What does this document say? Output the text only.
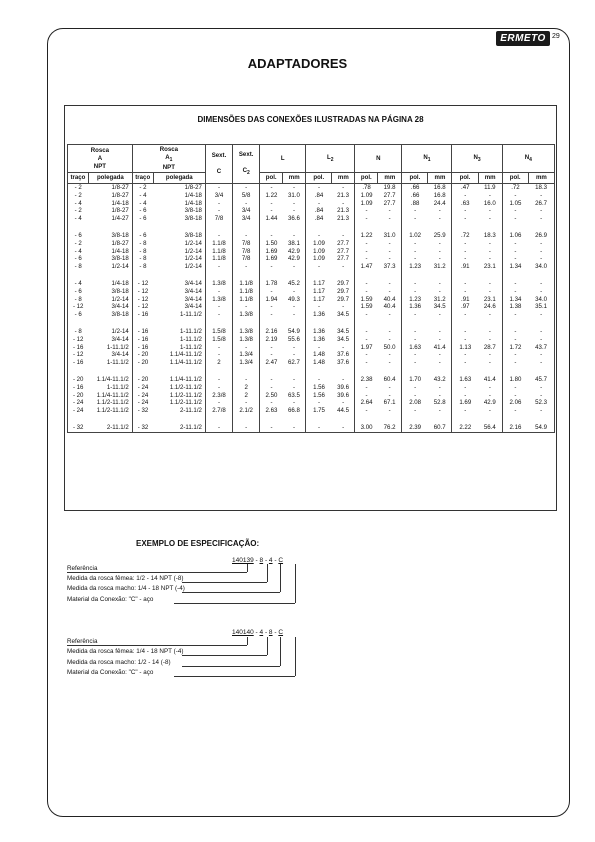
ERMETO 29
ADAPTADORES
DIMENSÕES DAS CONEXÕES ILUSTRADAS NA PÁGINA 28
Rosca
A
NPT		Rosca
$A_1$
NPT		Sext.

C	Sext.

$C_2$	L		$L_2$		N		$N_1$		$N_3$		$N_4$
traço	polegada	traço	polegada			pol.	mm	pol.	mm	pol.	mm	pol.	mm	pol.	mm	pol.	mm
- 2	1/8-27	- 2	1/8-27	-	-	-	-	-	-	.78	19.8	.66	16.8	.47	11.9	.72	18.3
- 2	1/8-27	- 4	1/4-18	3/4	5/8	1.22	31.0	.84	21.3	1.09	27.7	.66	16.8	-	-	-	-
- 4	1/4-18	- 4	1/4-18	-	-	-	-	-	-	1.09	27.7	.88	24.4	.63	16.0	1.05	26.7
- 2	1/8-27	- 6	3/8-18	-	3/4	-	-	.84	21.3	-	-	-	-	-	-	-	-
- 4	1/4-27	- 6	3/8-18	7/8	3/4	1.44	36.6	.84	21.3	-	-	-	-	-	-	-	-

- 6	3/8-18	- 6	3/8-18	-	-	-	-	-	-	1.22	31.0	1.02	25.9	.72	18.3	1.06	26.9
- 2	1/8-27	- 8	1/2-14	1.1/8	7/8	1.50	38.1	1.09	27.7	-	-	-	-	-	-	-	-
- 4	1/4-18	- 8	1/2-14	1.1/8	7/8	1.69	42.9	1.09	27.7	-	-	-	-	-	-	-	-
- 6	3/8-18	- 8	1/2-14	1.1/8	7/8	1.69	42.9	1.09	27.7	-	-	-	-	-	-	-	-
- 8	1/2-14	- 8	1/2-14	-	-	-	-	-	-	1.47	37.3	1.23	31.2	.91	23.1	1.34	34.0

- 4	1/4-18	- 12	3/4-14	1.3/8	1.1/8	1.78	45.2	1.17	29.7	-	-	-	-	-	-	-	-
- 6	3/8-18	- 12	3/4-14	-	1.1/8	-	-	1.17	29.7	-	-	-	-	-	-	-	-
- 8	1/2-14	- 12	3/4-14	1.3/8	1.1/8	1.94	49.3	1.17	29.7	1.59	40.4	1.23	31.2	.91	23.1	1.34	34.0
- 12	3/4-14	- 12	3/4-14	-	-	-	-	-	-	1.59	40.4	1.36	34.5	.97	24.6	1.38	35.1
- 6	3/8-18	- 16	1-11.1/2	-	1.3/8	-	-	1.36	34.5	-	-	-	-	-	-	-	-

- 8	1/2-14	- 16	1-11.1/2	1.5/8	1.3/8	2.16	54.9	1.36	34.5	-	-	-	-	-	-	-	-
- 12	3/4-14	- 16	1-11.1/2	1.5/8	1.3/8	2.19	55.6	1.36	34.5	-	-	-	-	-	-	-	-
- 16	1-11.1/2	- 16	1-11.1/2	-	-	-	-	-	-	1.97	50.0	1.63	41.4	1.13	28.7	1.72	43.7
- 12	3/4-14	- 20	1.1/4-11.1/2	-	1.3/4	-	-	1.48	37.6	-	-	-	-	-	-	-	-
- 16	1-11.1/2	- 20	1.1/4-11.1/2	2	1.3/4	2.47	62.7	1.48	37.6	-	-	-	-	-	-	-	-

- 20	1.1/4-11.1/2	- 20	1.1/4-11.1/2	-	-	-	-	-	-	2.38	60.4	1.70	43.2	1.63	41.4	1.80	45.7
- 16	1-11.1/2	- 24	1.1/2-11.1/2	-	2	-	-	1.56	39.6	-	-	-	-	-	-	-	-
- 20	1.1/4-11.1/2	- 24	1.1/2-11.1/2	2.3/8	2	2.50	63.5	1.56	39.6	-	-	-	-	-	-	-	-
- 24	1.1/2-11.1/2	- 24	1.1/2-11.1/2	-	-	-	-	-	-	2.64	67.1	2.08	52.8	1.69	42.9	2.06	52.3
- 24	1.1/2-11.1/2	- 32	2-11.1/2	2.7/8	2.1/2	2.63	66.8	1.75	44.5	-	-	-	-	-	-	-	-

- 32	2-11.1/2	- 32	2-11.1/2	-	-	-	-	-	-	3.00	76.2	2.39	60.7	2.22	56.4	2.16	54.9
EXEMPLO DE ESPECIFICAÇÃO:
140139 - 8 - 4 - C
Referência
Medida da rosca fêmea: 1/2 - 14 NPT (-8)
Medida da rosca macho: 1/4 - 18 NPT (-4)
Material da Conexão: "C" - aço
140140 - 4 - 8 - C
Referência
Medida da rosca fêmea: 1/4 - 18 NPT (-4)
Medida da rosca macho: 1/2 - 14 (-8)
Material da Conexão: "C" - aço
